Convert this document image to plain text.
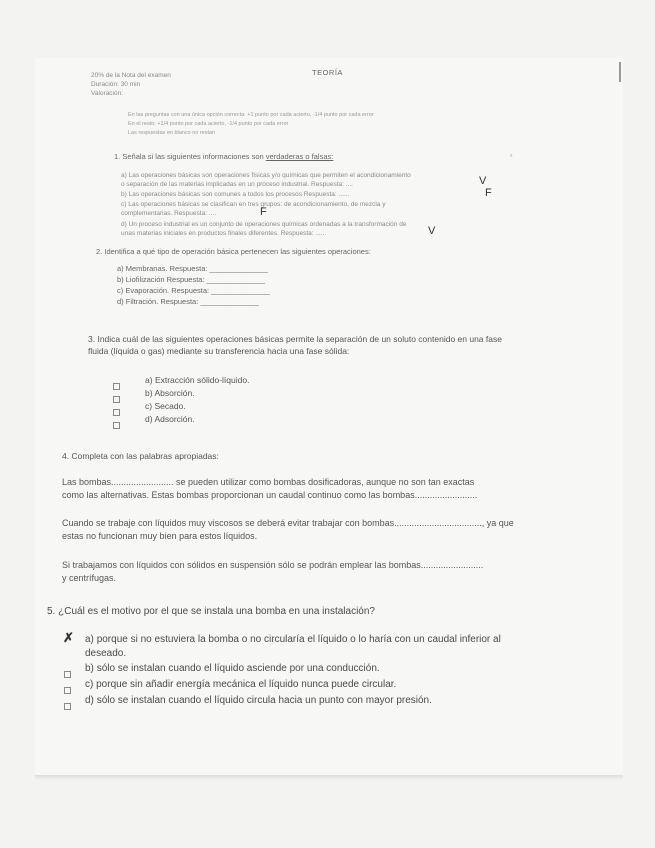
20% de la Nota del examen
Duración: 30 min
Valoración:
TEORÍA
En las preguntas con una única opción correcta: +1 punto por cada acierto, -1/4 punto por cada error
En el resto: +1/4 punto por cada acierto, -1/4 punto por cada error
Las respuestas en blanco no restan
1. Señala si las siguientes informaciones son verdaderas o falsas:	x
a) Las operaciones básicas son operaciones físicas y/o químicas que permiten el acondicionamiento
o separación de las materias implicadas en un proceso industrial. Respuesta: ....	V
b) Las operaciones básicas son comunes a todos los procesos Respuesta: ......	F
c) Las operaciones básicas se clasifican en tres grupos: de acondicionamiento, de mezcla y
complementarias. Respuesta: ....	F
d) Un proceso industrial es un conjunto de operaciones químicas ordenadas a la transformación de
unas materias iniciales en productos finales diferentes. Respuesta: ......	V
2. Identifica a qué tipo de operación básica pertenecen las siguientes operaciones:
a) Membranas. Respuesta: ______________
b) Liofilización Respuesta: ______________
c) Evaporación. Respuesta: ______________
d) Filtración. Respuesta: ______________
3. Indica cuál de las siguientes operaciones básicas permite la separación de un soluto contenido en una fase
fluida (líquida o gas) mediante su transferencia hacia una fase sólida:
a) Extracción sólido-líquido.
b) Absorción.
c) Secado.
d) Adsorción.
4. Completa con las palabras apropiadas:
Las bombas......................... se pueden utilizar como bombas dosificadoras, aunque no son tan exactas
como las alternativas. Estas bombas proporcionan un caudal continuo como las bombas.........................
Cuando se trabaje con líquidos muy viscosos se deberá evitar trabajar con bombas..................................., ya que
estas no funcionan muy bien para estos líquidos.
Si trabajamos con líquidos con sólidos en suspensión sólo se podrán emplear las bombas.........................
y centrífugas.
5. ¿Cuál es el motivo por el que se instala una bomba en una instalación?
✗ a) porque si no estuviera la bomba o no circularía el líquido o lo haría con un caudal inferior al
deseado.
b) sólo se instalan cuando el líquido asciende por una conducción.
c) porque sin añadir energía mecánica el líquido nunca puede circular.
d) sólo se instalan cuando el líquido circula hacia un punto con mayor presión.
